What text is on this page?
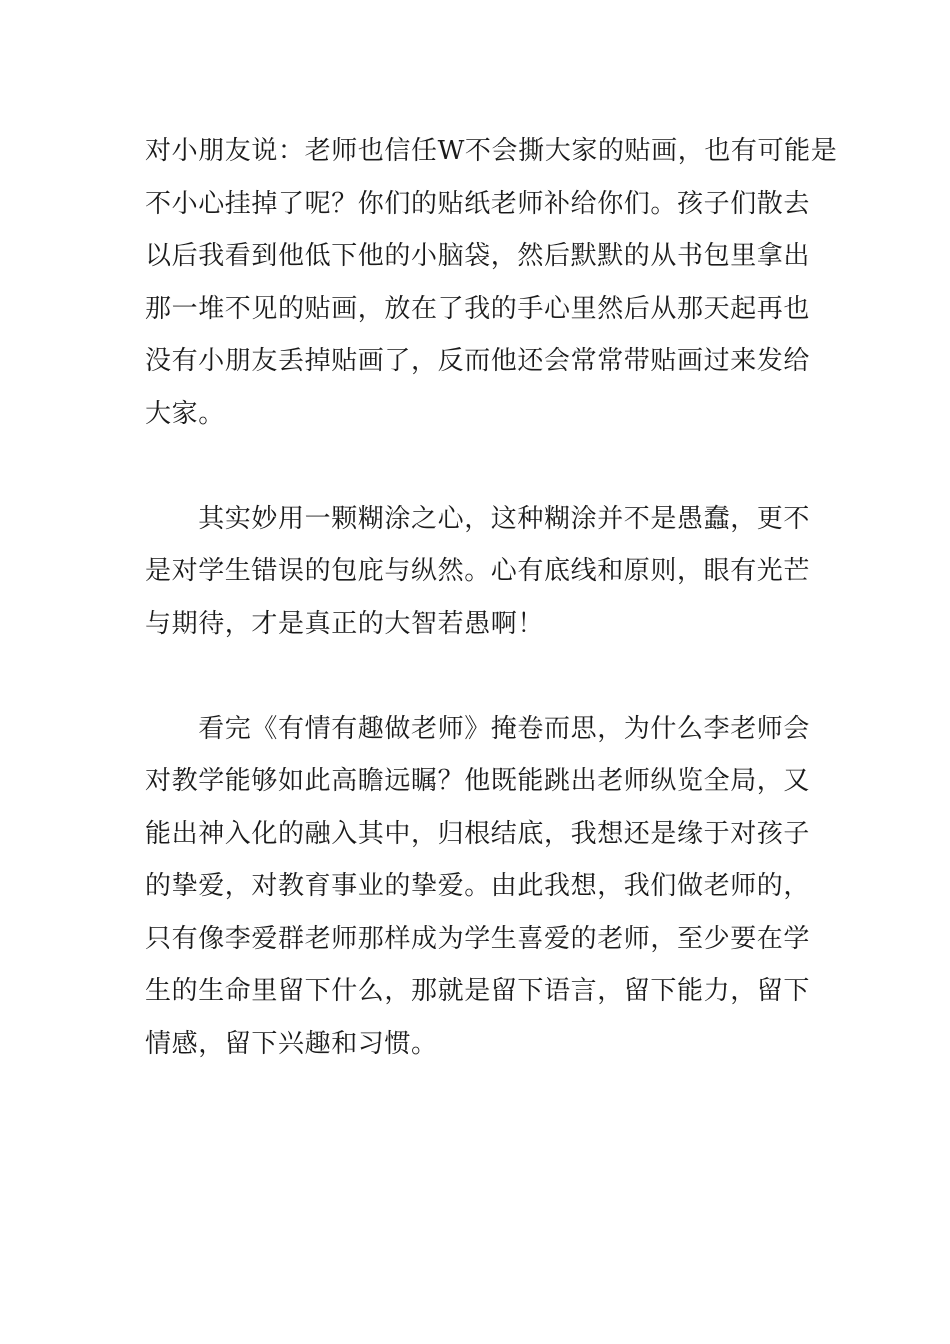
对小朋友说：老师也信任W不会撕大家的贴画，也有可能是
不小心挂掉了呢？你们的贴纸老师补给你们。孩子们散去
以后我看到他低下他的小脑袋，然后默默的从书包里拿出
那一堆不见的贴画，放在了我的手心里然后从那天起再也
没有小朋友丢掉贴画了，反而他还会常常带贴画过来发给
大家。
　　其实妙用一颗糊涂之心，这种糊涂并不是愚蠢，更不
是对学生错误的包庇与纵然。心有底线和原则，眼有光芒
与期待，才是真正的大智若愚啊！
　　看完《有情有趣做老师》掩卷而思，为什么李老师会
对教学能够如此高瞻远瞩？他既能跳出老师纵览全局，又
能出神入化的融入其中，归根结底，我想还是缘于对孩子
的挚爱，对教育事业的挚爱。由此我想，我们做老师的，
只有像李爱群老师那样成为学生喜爱的老师，至少要在学
生的生命里留下什么，那就是留下语言，留下能力，留下
情感，留下兴趣和习惯。
